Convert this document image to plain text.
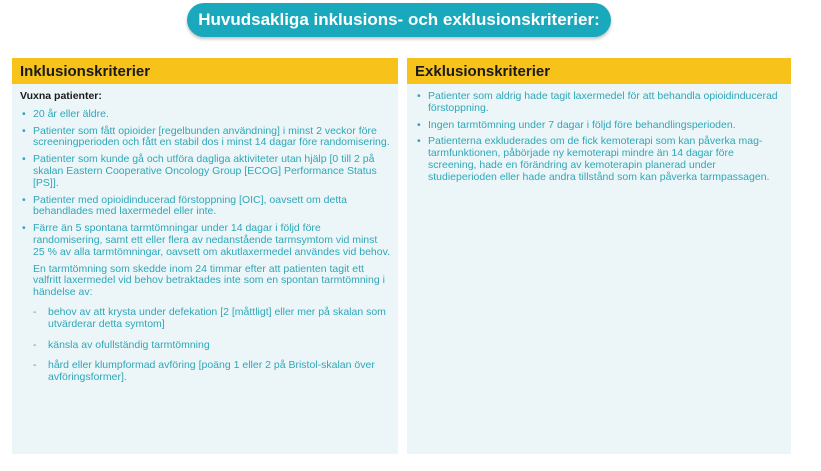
Huvudsakliga inklusions- och exklusionskriterier:
Inklusionskriterier
Vuxna patienter:
• 20 år eller äldre.
• Patienter som fått opioider [regelbunden användning] i minst 2 veckor före screeningperioden och fått en stabil dos i minst 14 dagar före randomisering.
• Patienter som kunde gå och utföra dagliga aktiviteter utan hjälp [0 till 2 på skalan Eastern Cooperative Oncology Group [ECOG] Performance Status [PS]].
• Patienter med opioidinducerad förstoppning [OIC], oavsett om detta behandlades med laxermedel eller inte.
• Färre än 5 spontana tarmtömningar under 14 dagar i följd före randomisering, samt ett eller flera av nedanstående tarmsymtom vid minst 25 % av alla tarmtömningar, oavsett om akutlaxermedel användes vid behov.
En tarmtömning som skedde inom 24 timmar efter att patienten tagit ett valfritt laxermedel vid behov betraktades inte som en spontan tarmtömning i händelse av:
- behov av att krysta under defekation [2 [måttligt] eller mer på skalan som utvärderar detta symtom]
- känsla av ofullständig tarmtömning
- hård eller klumpformad avföring [poäng 1 eller 2 på Bristol-skalan över avföringsformer].
Exklusionskriterier
• Patienter som aldrig hade tagit laxermedel för att behandla opioidinducerad förstoppning.
• Ingen tarmtömning under 7 dagar i följd före behandlingsperioden.
• Patienterna exkluderades om de fick kemoterapi som kan påverka mag-tarmfunktionen, påbörjade ny kemoterapi mindre än 14 dagar före screening, hade en förändring av kemoterapin planerad under studieperioden eller hade andra tillstånd som kan påverka tarmpassagen.
